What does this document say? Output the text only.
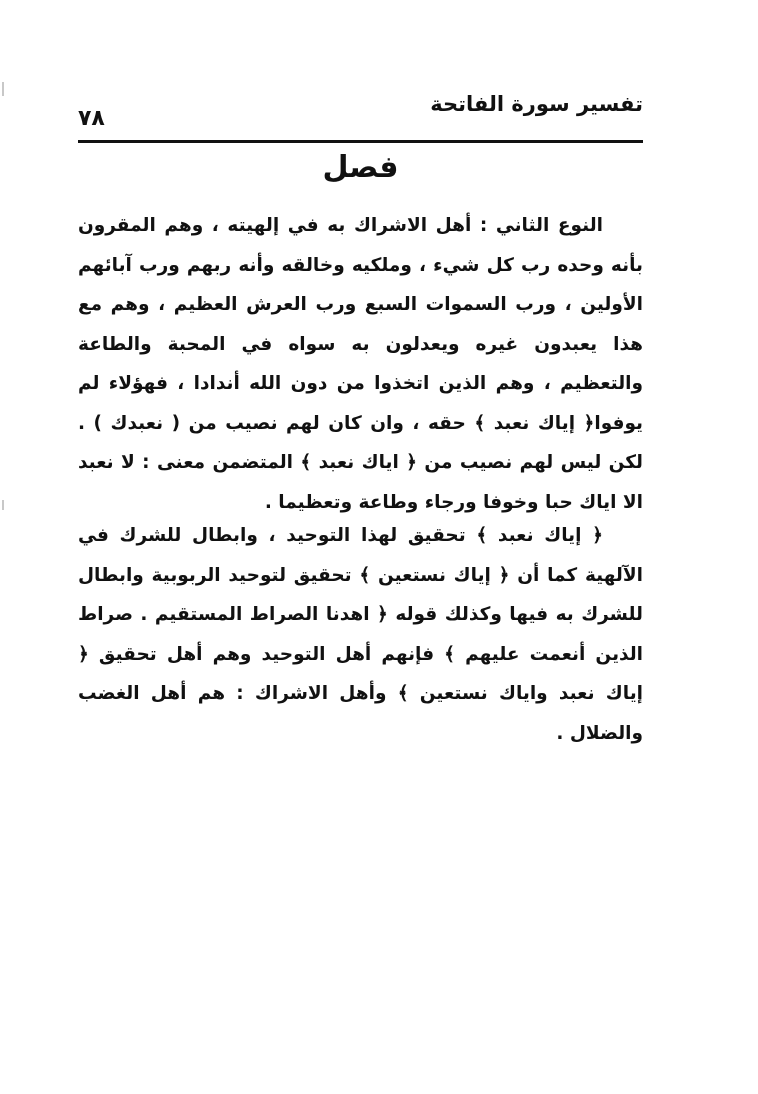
تفسير سورة الفاتحة
٧٨
فصل

النوع الثاني : أهل الاشراك به في إلهيته ، وهم المقرون بأنه وحده رب كل شيء ، وملكيه وخالقه وأنه ربهم ورب آبائهم الأولين ، ورب السموات السبع ورب العرش العظيم ، وهم مع هذا يعبدون غيره ويعدلون به سواه في المحبة والطاعة والتعظيم ، وهم الذين اتخذوا من دون الله أندادا ، فهؤلاء لم يوفوا﴿ إياك نعبد ﴾ حقه ، وان كان لهم نصيب من ( نعبدك ) . لكن ليس لهم نصيب من ﴿ اياك نعبد ﴾ المتضمن معنى : لا نعبد الا اياك حبا وخوفا ورجاء وطاعة وتعظيما .

﴿ إياك نعبد ﴾ تحقيق لهذا التوحيد ، وابطال للشرك في الآلهية كما أن ﴿ إياك نستعين ﴾ تحقيق لتوحيد الربوبية وابطال للشرك به فيها وكذلك قوله ﴿ اهدنا الصراط المستقيم . صراط الذين أنعمت عليهم ﴾ فإنهم أهل التوحيد وهم أهل تحقيق ﴿ إياك نعبد واياك نستعين ﴾ وأهل الاشراك : هم أهل الغضب والضلال .
